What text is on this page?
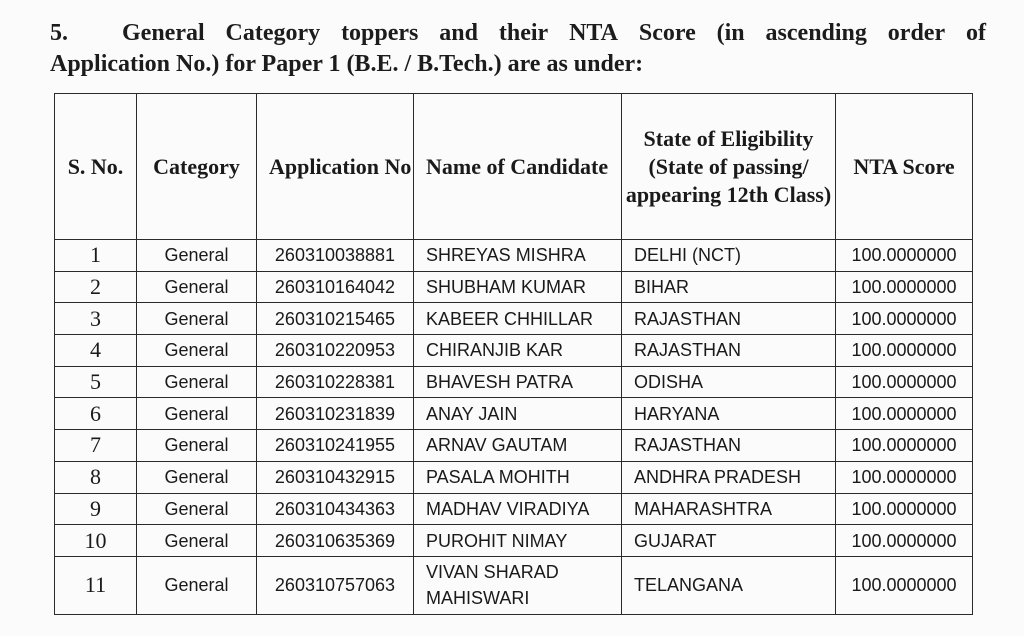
5.	General Category toppers and their NTA Score (in ascending order of
Application No.) for Paper 1 (B.E. / B.Tech.) are as under:
S. No.	Category	Application No	Name of Candidate	State of Eligibility (State of passing/ appearing 12th Class)	NTA Score
1	General	260310038881	SHREYAS MISHRA	DELHI (NCT)	100.0000000
2	General	260310164042	SHUBHAM KUMAR	BIHAR	100.0000000
3	General	260310215465	KABEER CHHILLAR	RAJASTHAN	100.0000000
4	General	260310220953	CHIRANJIB KAR	RAJASTHAN	100.0000000
5	General	260310228381	BHAVESH PATRA	ODISHA	100.0000000
6	General	260310231839	ANAY JAIN	HARYANA	100.0000000
7	General	260310241955	ARNAV GAUTAM	RAJASTHAN	100.0000000
8	General	260310432915	PASALA MOHITH	ANDHRA PRADESH	100.0000000
9	General	260310434363	MADHAV VIRADIYA	MAHARASHTRA	100.0000000
10	General	260310635369	PUROHIT NIMAY	GUJARAT	100.0000000
11	General	260310757063	VIVAN SHARAD MAHISWARI	TELANGANA	100.0000000
